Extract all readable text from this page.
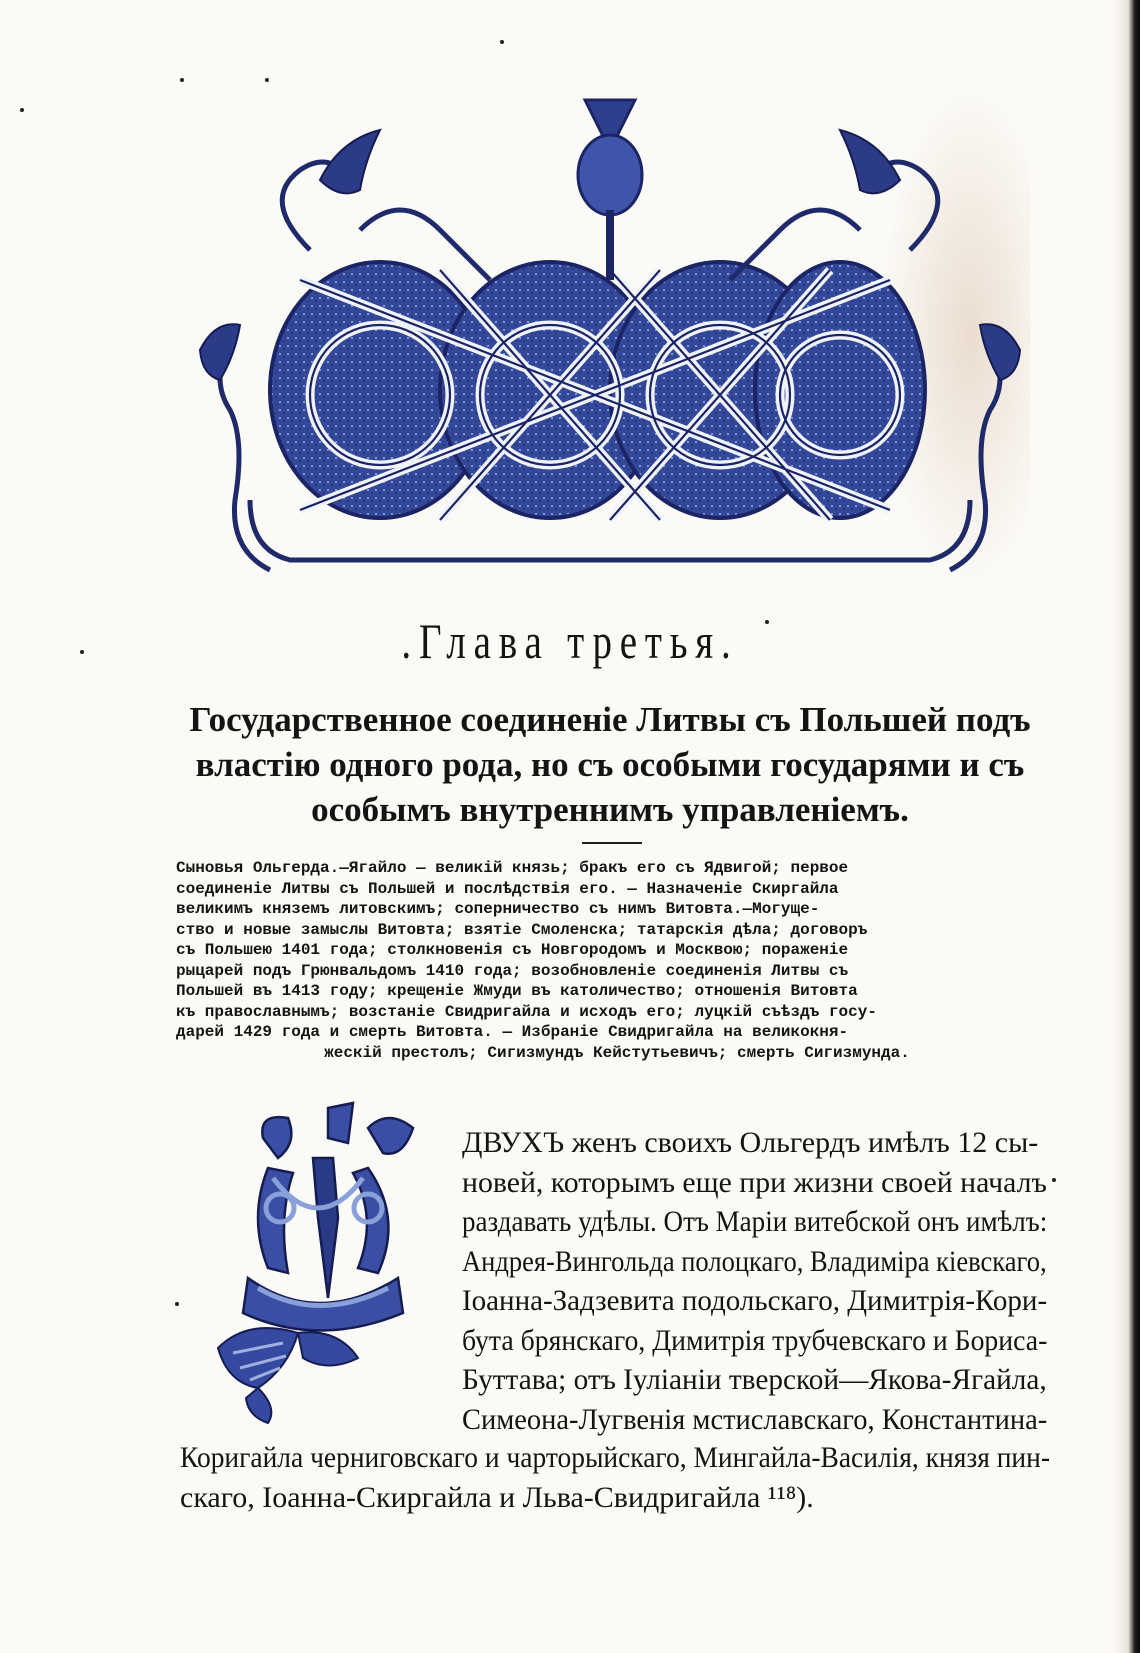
.Глава третья.

Государственное соединенiе Литвы съ Польшей подъ властiю одного рода, но съ особыми государями и съ особымъ внутреннимъ управленiемъ.

Сыновья Ольгерда.—Ягайло — великій князь; бракъ его съ Ядвигой; первое
соединеніе Литвы съ Польшей и послѣдствія его. — Назначеніе Скиргайла
великимъ княземъ литовскимъ; соперничество съ нимъ Витовта.—Могуще-
ство и новые замыслы Витовта; взятіе Смоленска; татарскія дѣла; договоръ
съ Польшею 1401 года; столкновенія съ Новгородомъ и Москвою; пораженіе
рыцарей подъ Грюнвальдомъ 1410 года; возобновленіе соединенія Литвы съ
Польшей въ 1413 году; крещеніе Жмуди въ католичество; отношенія Витовта
къ православнымъ; возстаніе Свидригайла и исходъ его; луцкій съѣздъ госу-
дарей 1429 года и смерть Витовта. — Избраніе Свидригайла на великокня-
жескій престолъ; Сигизмундъ Кейстутьевичъ; смерть Сигизмунда.
ДВУХЪ женъ своихъ Ольгердъ имѣлъ 12 сы-
новей, которымъ еще при жизни своей началъ
раздавать удѣлы. Отъ Марiи витебской онъ имѣлъ:
Андрея-Вингольда полоцкаго, Владимiра кiевскаго,
Iоанна-Задзевита подольскаго, Димитрiя-Кори-
бута брянскаго, Димитрiя трубчевскаго и Бориса-
Буттава; отъ Iулiанiи тверской—Якова-Ягайла,
Симеона-Лугвенiя мстиславскаго, Константина-
Коригайла черниговскаго и чарторыйскаго, Мингайла-Василiя, князя пин-
скаго, Iоанна-Скиргайла и Льва-Свидригайла ¹¹⁸).
